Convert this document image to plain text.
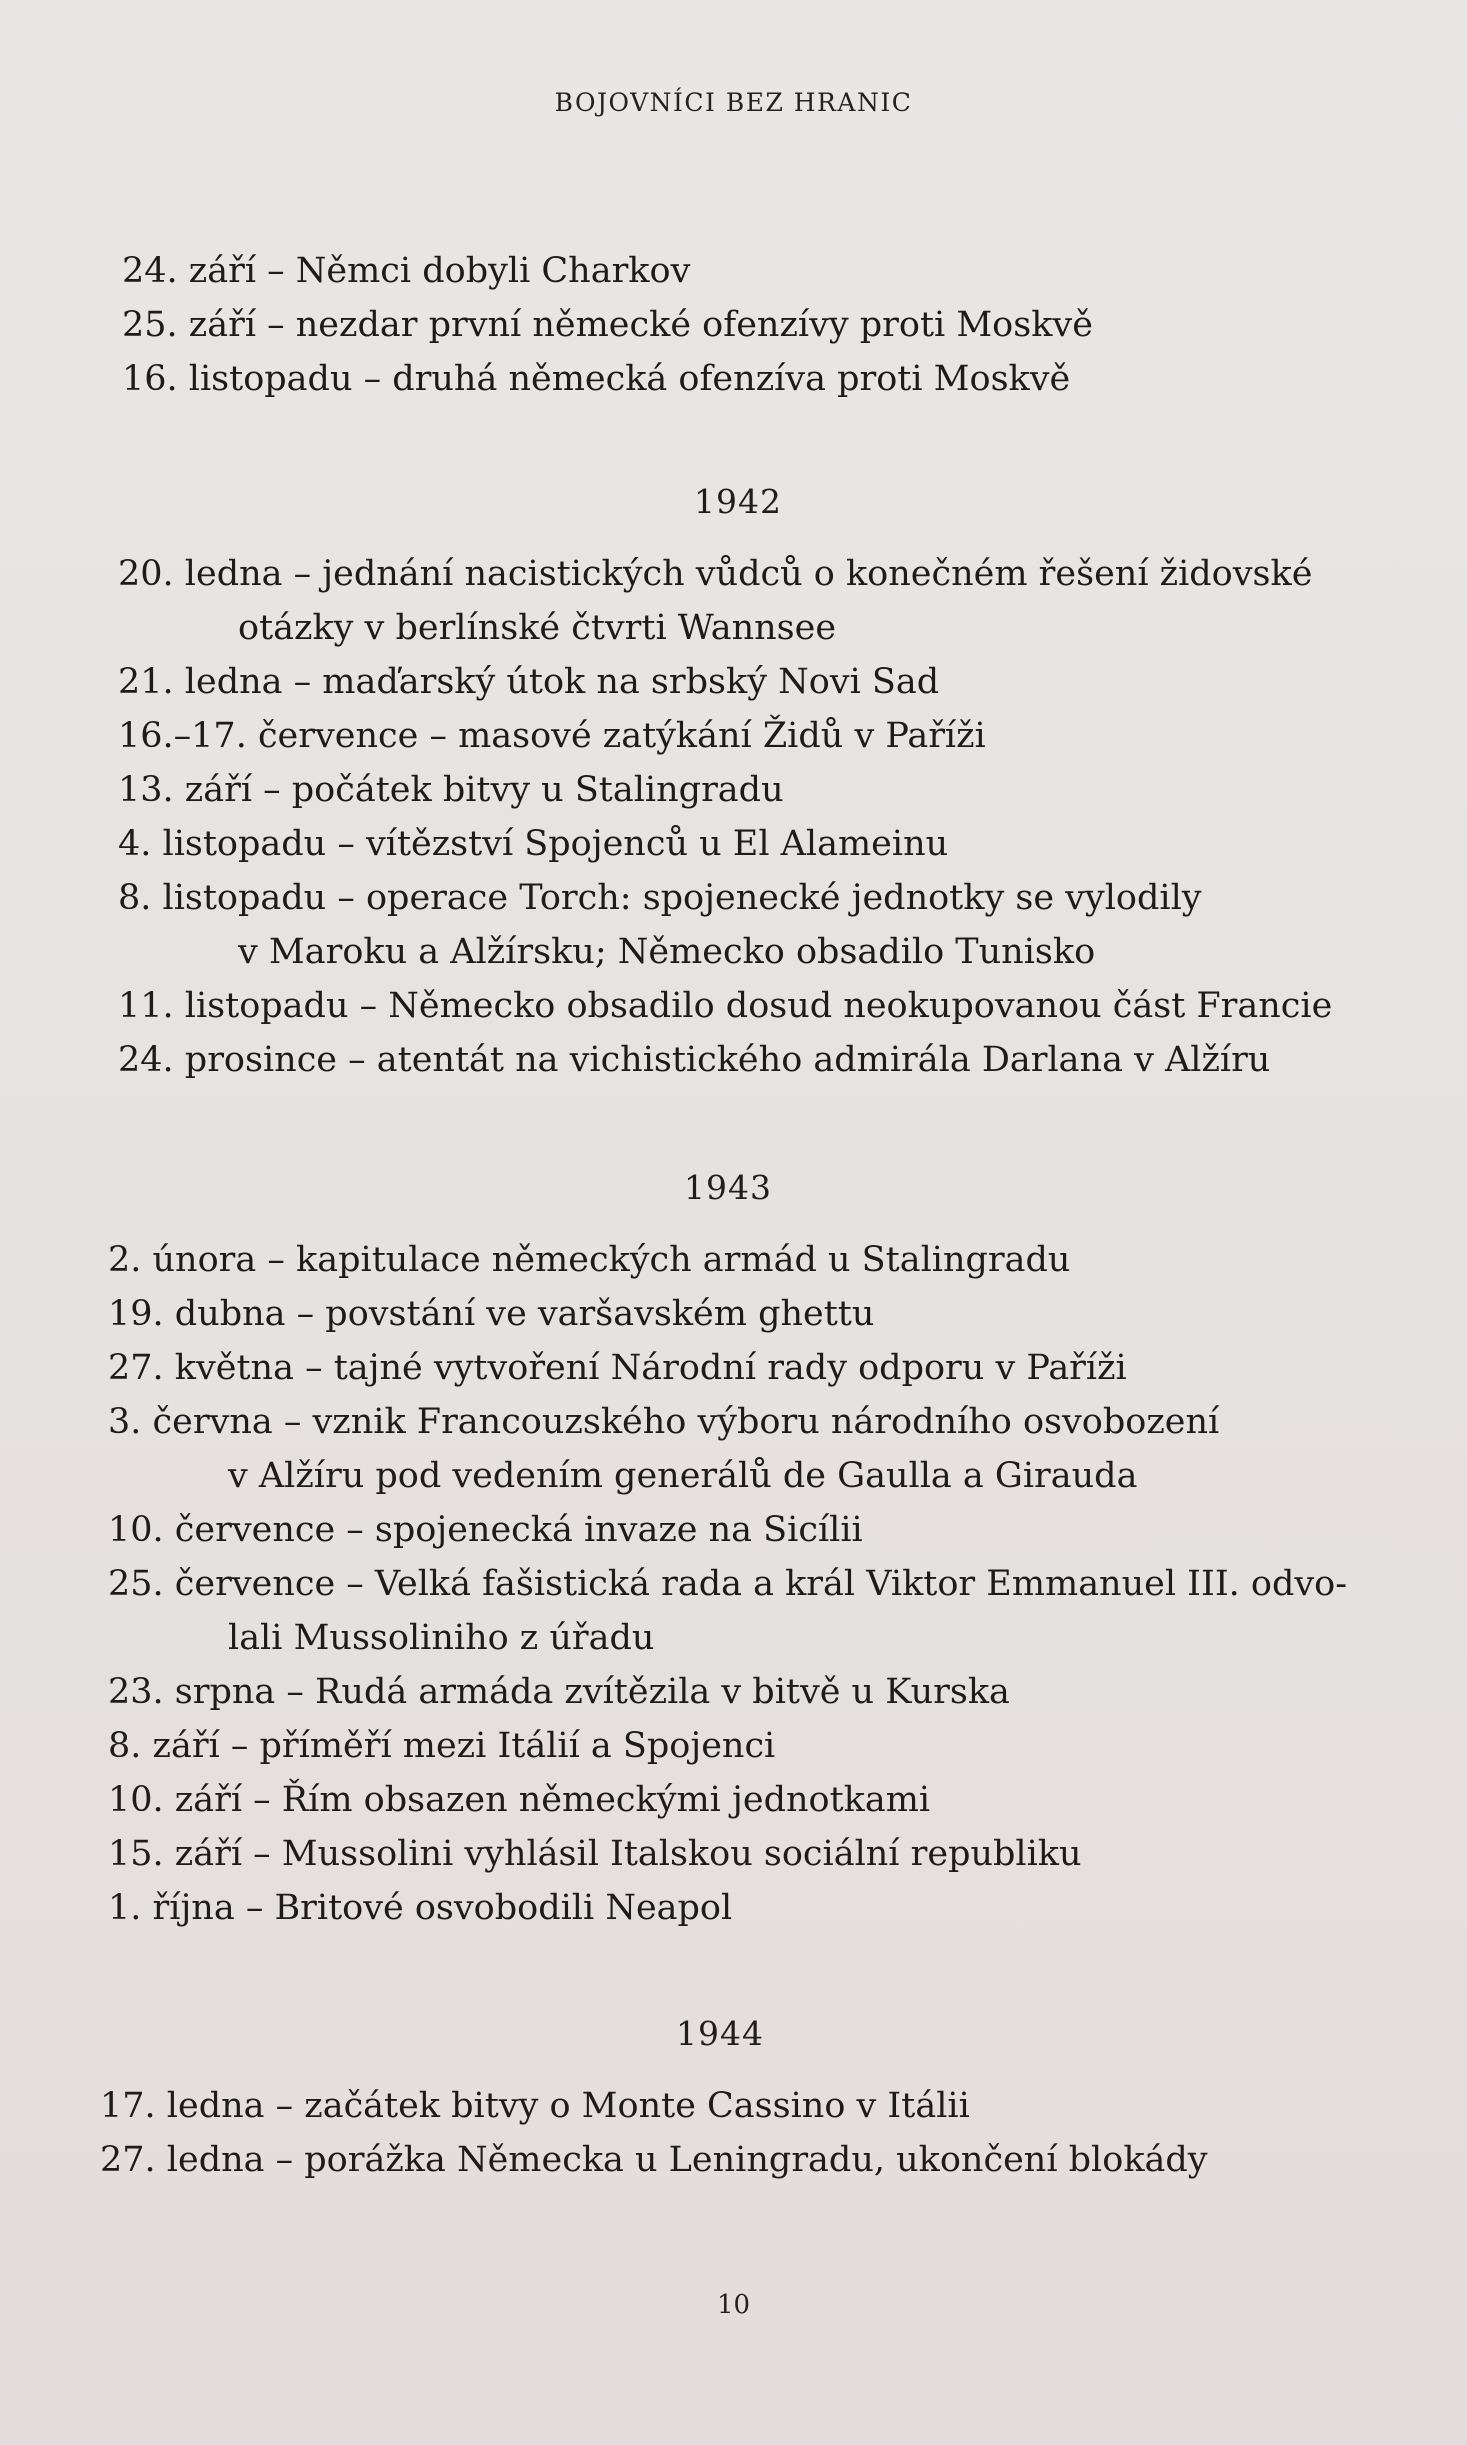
BOJOVNÍCI BEZ HRANIC
24. září – Němci dobyli Charkov
25. září – nezdar první německé ofenzívy proti Moskvě
16. listopadu – druhá německá ofenzíva proti Moskvě
1942
20. ledna – jednání nacistických vůdců o konečném řešení židovské
otázky v berlínské čtvrti Wannsee
21. ledna – maďarský útok na srbský Novi Sad
16.–17. července – masové zatýkání Židů v Paříži
13. září – počátek bitvy u Stalingradu
4. listopadu – vítězství Spojenců u El Alameinu
8. listopadu – operace Torch: spojenecké jednotky se vylodily
v Maroku a Alžírsku; Německo obsadilo Tunisko
11. listopadu – Německo obsadilo dosud neokupovanou část Francie
24. prosince – atentát na vichistického admirála Darlana v Alžíru
1943
2. února – kapitulace německých armád u Stalingradu
19. dubna – povstání ve varšavském ghettu
27. května – tajné vytvoření Národní rady odporu v Paříži
3. června – vznik Francouzského výboru národního osvobození
v Alžíru pod vedením generálů de Gaulla a Girauda
10. července – spojenecká invaze na Sicílii
25. července – Velká fašistická rada a král Viktor Emmanuel III. odvo-
lali Mussoliniho z úřadu
23. srpna – Rudá armáda zvítězila v bitvě u Kurska
8. září – příměří mezi Itálií a Spojenci
10. září – Řím obsazen německými jednotkami
15. září – Mussolini vyhlásil Italskou sociální republiku
1. října – Britové osvobodili Neapol
1944
17. ledna – začátek bitvy o Monte Cassino v Itálii
27. ledna – porážka Německa u Leningradu, ukončení blokády
10
